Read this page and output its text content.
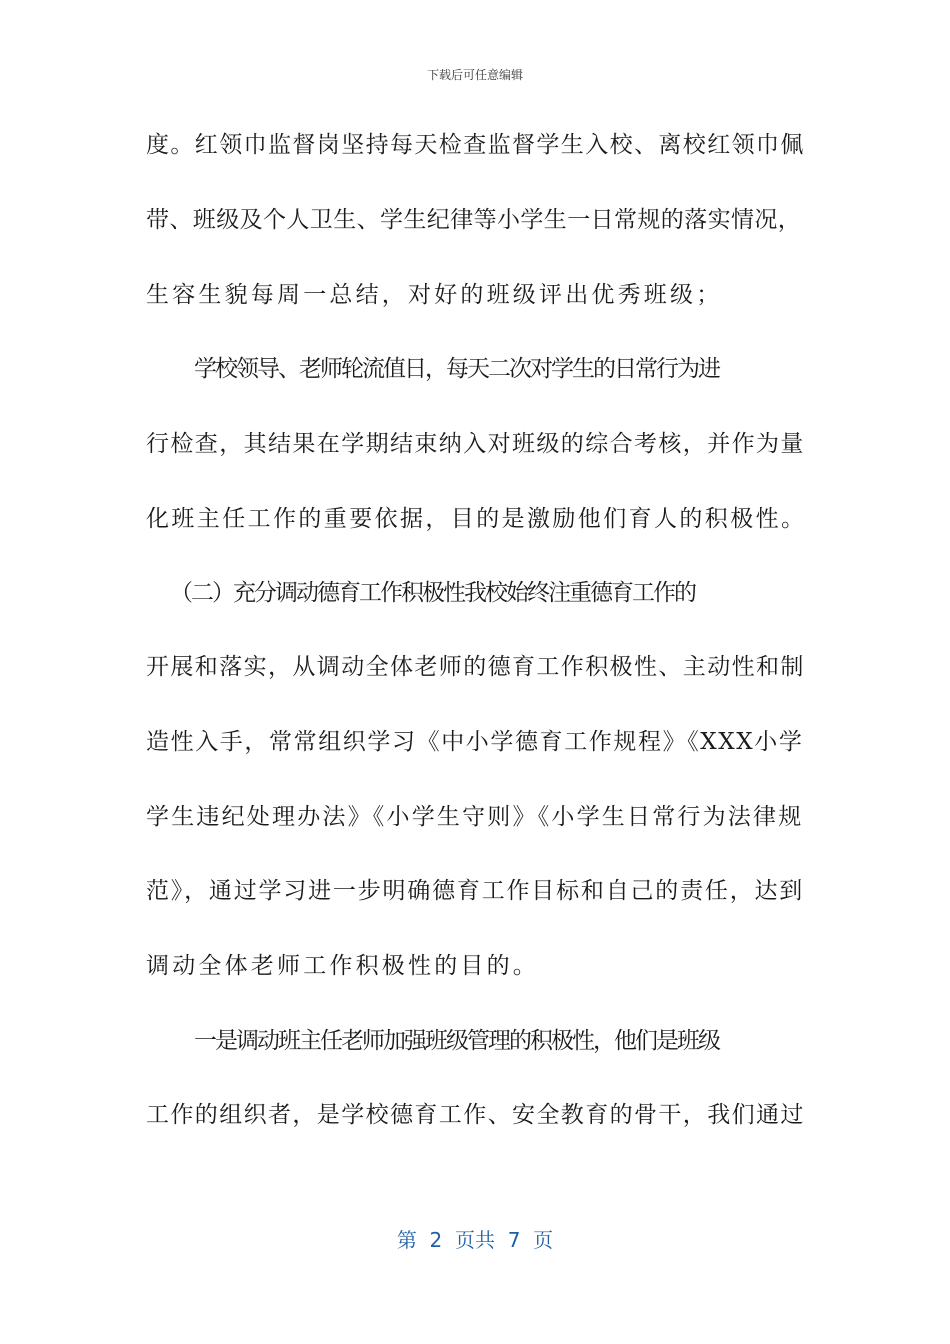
下载后可任意编辑
度。红领巾监督岗坚持每天检查监督学生入校、离校红领巾佩
带、班级及个人卫生、学生纪律等小学生一日常规的落实情况，
生容生貌每周一总结，对好的班级评出优秀班级；
学校领导、老师轮流值日，每天二次对学生的日常行为进
行检查，其结果在学期结束纳入对班级的综合考核，并作为量
化班主任工作的重要依据，目的是激励他们育人的积极性。
（二）充分调动德育工作积极性我校始终注重德育工作的
开展和落实，从调动全体老师的德育工作积极性、主动性和制
造性入手，常常组织学习《中小学德育工作规程》《XXX小学
学生违纪处理办法》《小学生守则》《小学生日常行为法律规
范》，通过学习进一步明确德育工作目标和自己的责任，达到
调动全体老师工作积极性的目的。
一是调动班主任老师加强班级管理的积极性，他们是班级
工作的组织者，是学校德育工作、安全教育的骨干，我们通过
第  2  页共  7  页
